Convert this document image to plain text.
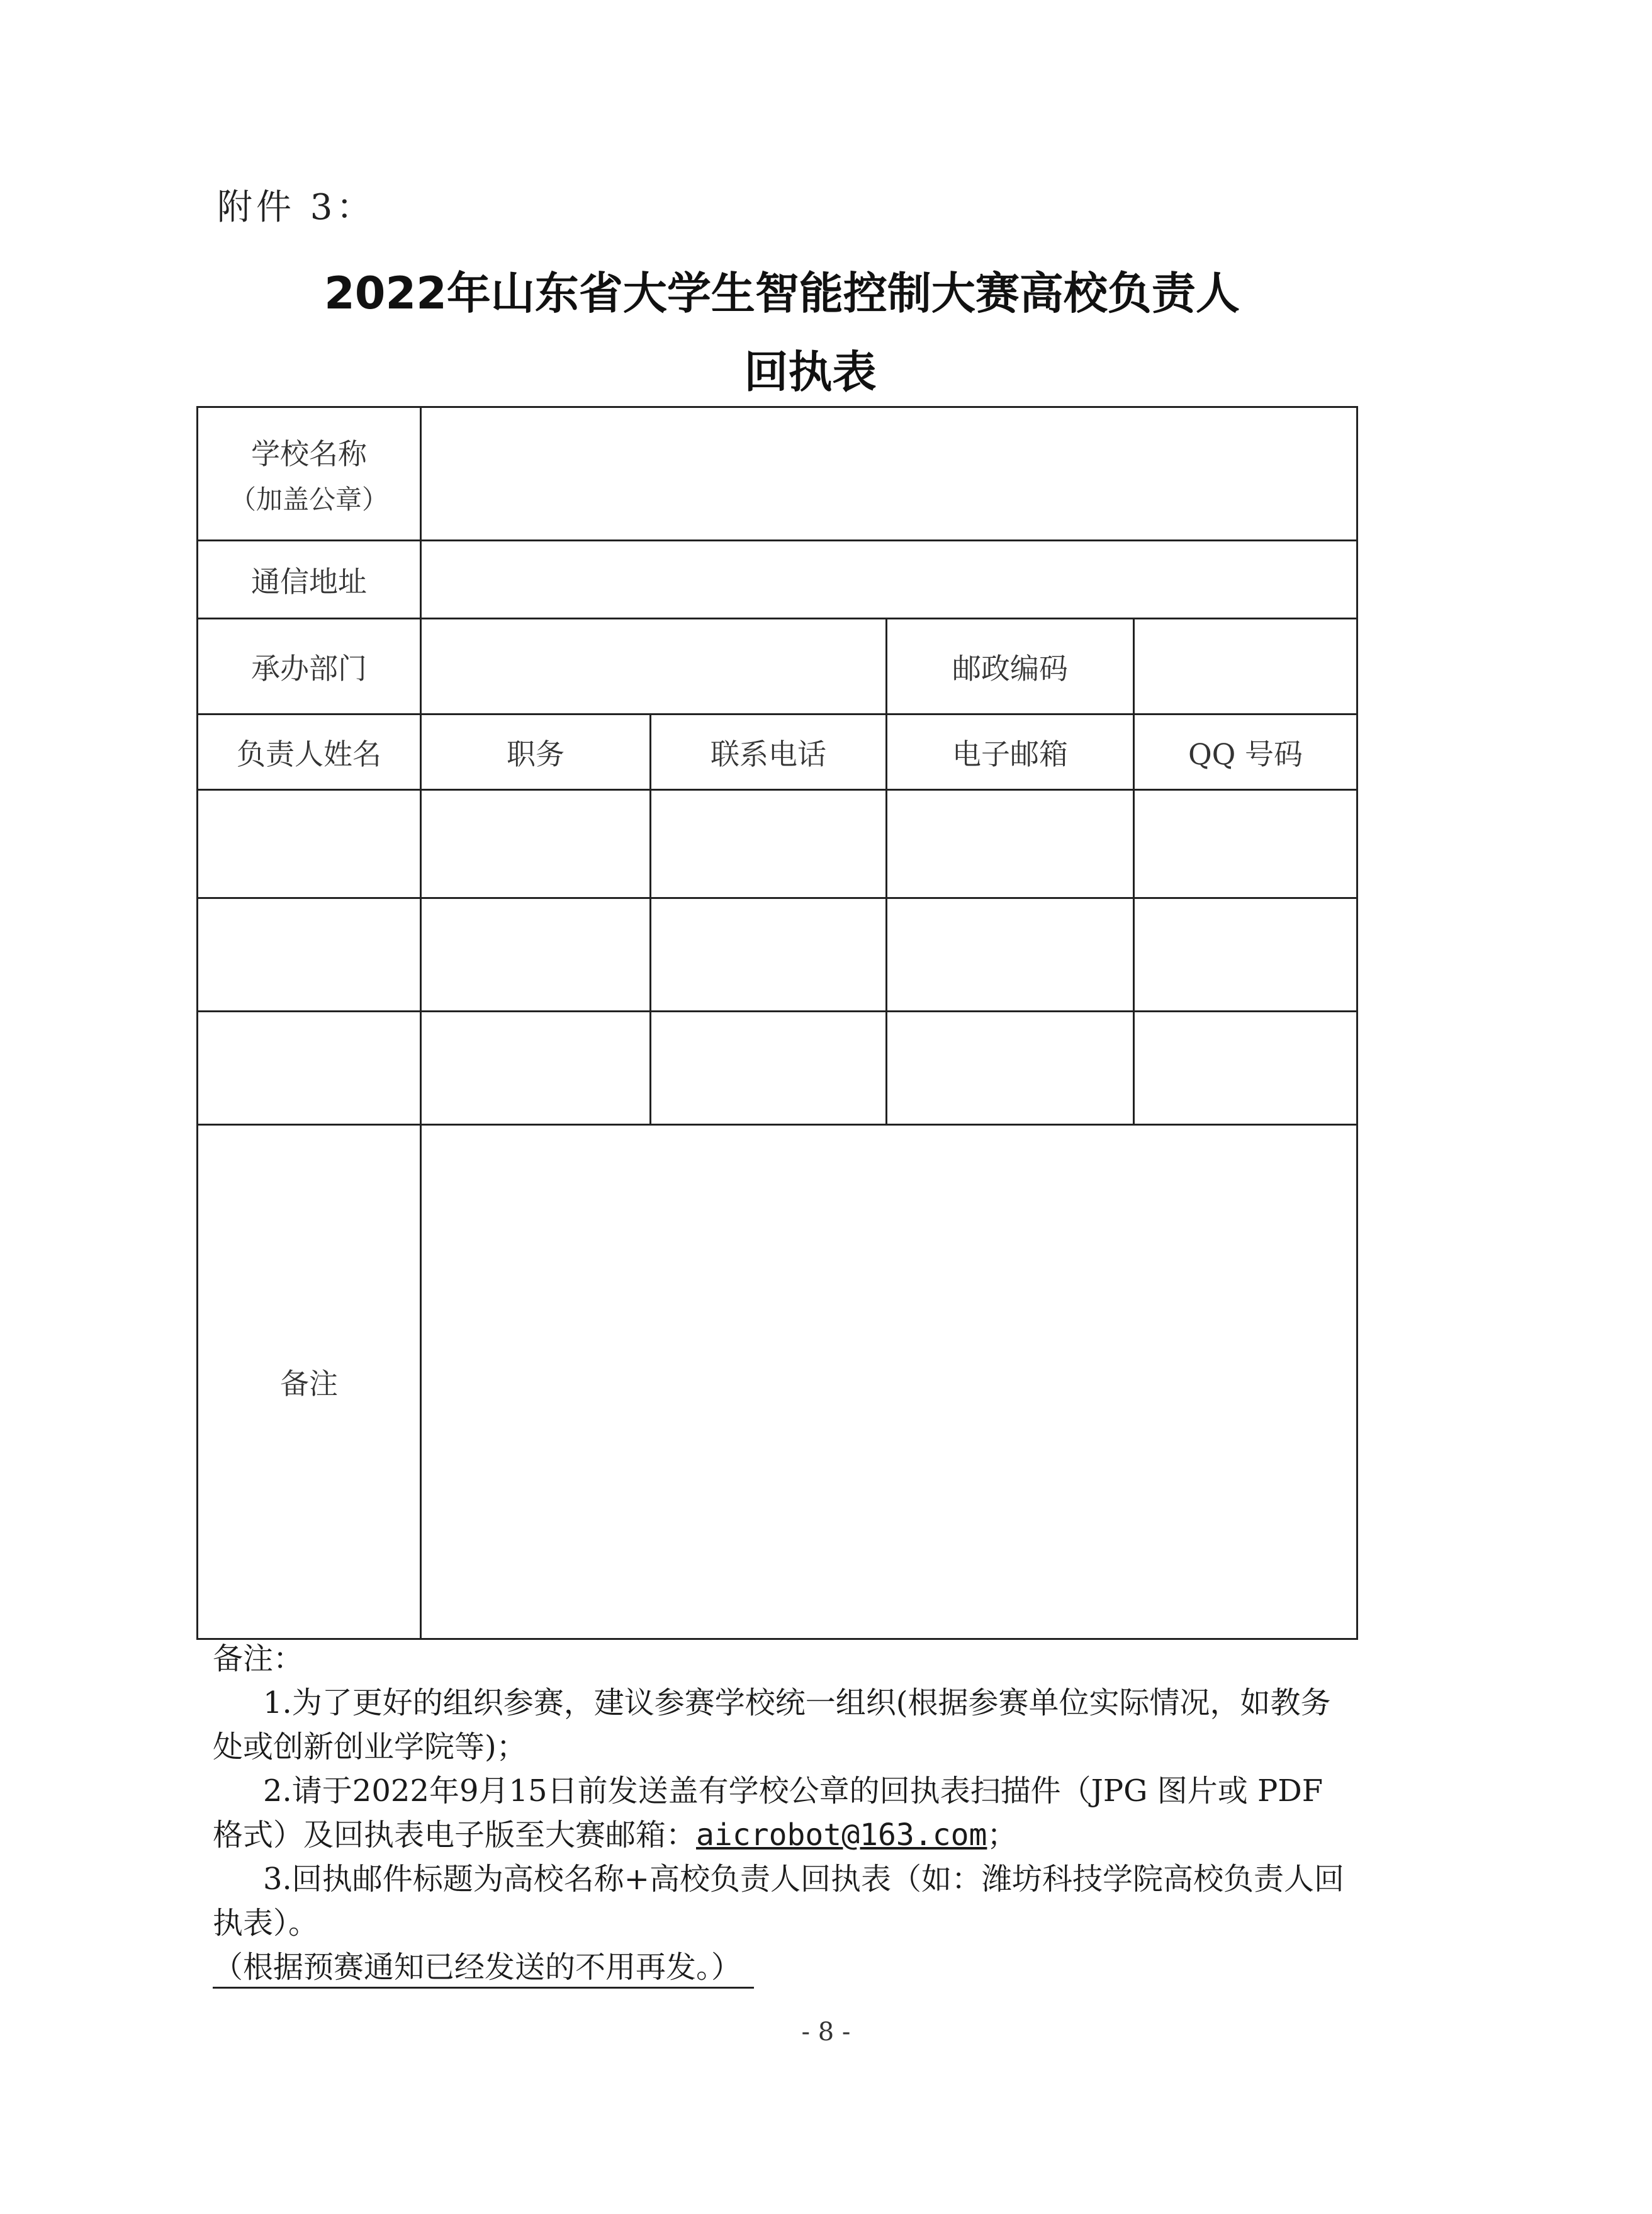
附件 3：
2022年山东省大学生智能控制大赛高校负责人
回执表
学校名称
（加盖公章）				

通信地址				
承办部门			邮政编码	
负责人姓名	职务	联系电话	电子邮箱	QQ 号码

备注				
备注：
1.为了更好的组织参赛，建议参赛学校统一组织(根据参赛单位实际情况，如教务处或创新创业学院等)；
2.请于2022年9月15日前发送盖有学校公章的回执表扫描件（JPG 图片或 PDF格式）及回执表电子版至大赛邮箱：aicrobot@163.com；
3.回执邮件标题为高校名称+高校负责人回执表（如：潍坊科技学院高校负责人回执表）。
（根据预赛通知已经发送的不用再发。）
- 8 -
